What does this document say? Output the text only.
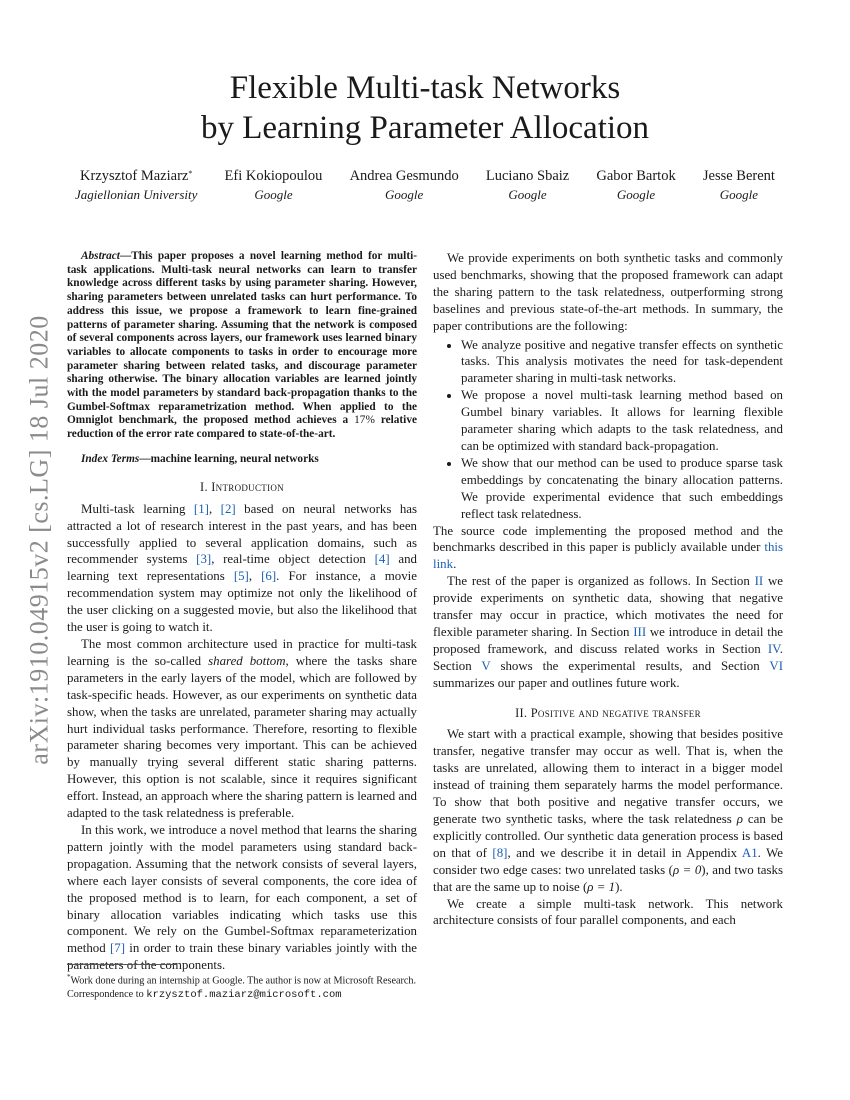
arXiv:1910.04915v2 [cs.LG] 18 Jul 2020
Flexible Multi-task Networks
by Learning Parameter Allocation
Krzysztof Maziarz*
Jagiellonian University
Efi Kokiopoulou
Google
Andrea Gesmundo
Google
Luciano Sbaiz
Google
Gabor Bartok
Google
Jesse Berent
Google

Abstract—This paper proposes a novel learning method for multi-task applications. Multi-task neural networks can learn to transfer knowledge across different tasks by using parameter sharing. However, sharing parameters between unrelated tasks can hurt performance. To address this issue, we propose a framework to learn fine-grained patterns of parameter sharing. Assuming that the network is composed of several components across layers, our framework uses learned binary variables to allocate components to tasks in order to encourage more parameter sharing between related tasks, and discourage parameter sharing otherwise. The binary allocation variables are learned jointly with the model parameters by standard back-propagation thanks to the Gumbel-Softmax reparametrization method. When applied to the Omniglot benchmark, the proposed method achieves a 17% relative reduction of the error rate compared to state-of-the-art.

Index Terms—machine learning, neural networks

I. Introduction

Multi-task learning [1], [2] based on neural networks has attracted a lot of research interest in the past years, and has been successfully applied to several application domains, such as recommender systems [3], real-time object detection [4] and learning text representations [5], [6]. For instance, a movie recommendation system may optimize not only the likelihood of the user clicking on a suggested movie, but also the likelihood that the user is going to watch it.

The most common architecture used in practice for multi-task learning is the so-called shared bottom, where the tasks share parameters in the early layers of the model, which are followed by task-specific heads. However, as our experiments on synthetic data show, when the tasks are unrelated, parameter sharing may actually hurt individual tasks performance. Therefore, resorting to flexible parameter sharing becomes very important. This can be achieved by manually trying several different static sharing patterns. However, this option is not scalable, since it requires significant effort. Instead, an approach where the sharing pattern is learned and adapted to the task relatedness is preferable.

In this work, we introduce a novel method that learns the sharing pattern jointly with the model parameters using standard back-propagation. Assuming that the network consists of several layers, where each layer consists of several components, the core idea of the proposed method is to learn, for each component, a set of binary allocation variables indicating which tasks use this component. We rely on the Gumbel-Softmax reparameterization method [7] in order to train these binary variables jointly with the parameters of the components.

We provide experiments on both synthetic tasks and commonly used benchmarks, showing that the proposed framework can adapt the sharing pattern to the task relatedness, outperforming strong baselines and previous state-of-the-art methods. In summary, the paper contributions are the following:

• We analyze positive and negative transfer effects on synthetic tasks. This analysis motivates the need for task-dependent parameter sharing in multi-task networks.
• We propose a novel multi-task learning method based on Gumbel binary variables. It allows for learning flexible parameter sharing which adapts to the task relatedness, and can be optimized with standard back-propagation.
• We show that our method can be used to produce sparse task embeddings by concatenating the binary allocation patterns. We provide experimental evidence that such embeddings reflect task relatedness.

The source code implementing the proposed method and the benchmarks described in this paper is publicly available under this link.

The rest of the paper is organized as follows. In Section II we provide experiments on synthetic data, showing that negative transfer may occur in practice, which motivates the need for flexible parameter sharing. In Section III we introduce in detail the proposed framework, and discuss related works in Section IV. Section V shows the experimental results, and Section VI summarizes our paper and outlines future work.

II. Positive and negative transfer

We start with a practical example, showing that besides positive transfer, negative transfer may occur as well. That is, when the tasks are unrelated, allowing them to interact in a bigger model instead of training them separately harms the model performance. To show that both positive and negative transfer occurs, we generate two synthetic tasks, where the task relatedness ρ can be explicitly controlled. Our synthetic data generation process is based on that of [8], and we describe it in detail in Appendix A1. We consider two edge cases: two unrelated tasks (ρ = 0), and two tasks that are the same up to noise (ρ = 1).

We create a simple multi-task network. This network architecture consists of four parallel components, and each

*Work done during an internship at Google. The author is now at Microsoft Research. Correspondence to krzysztof.maziarz@microsoft.com
